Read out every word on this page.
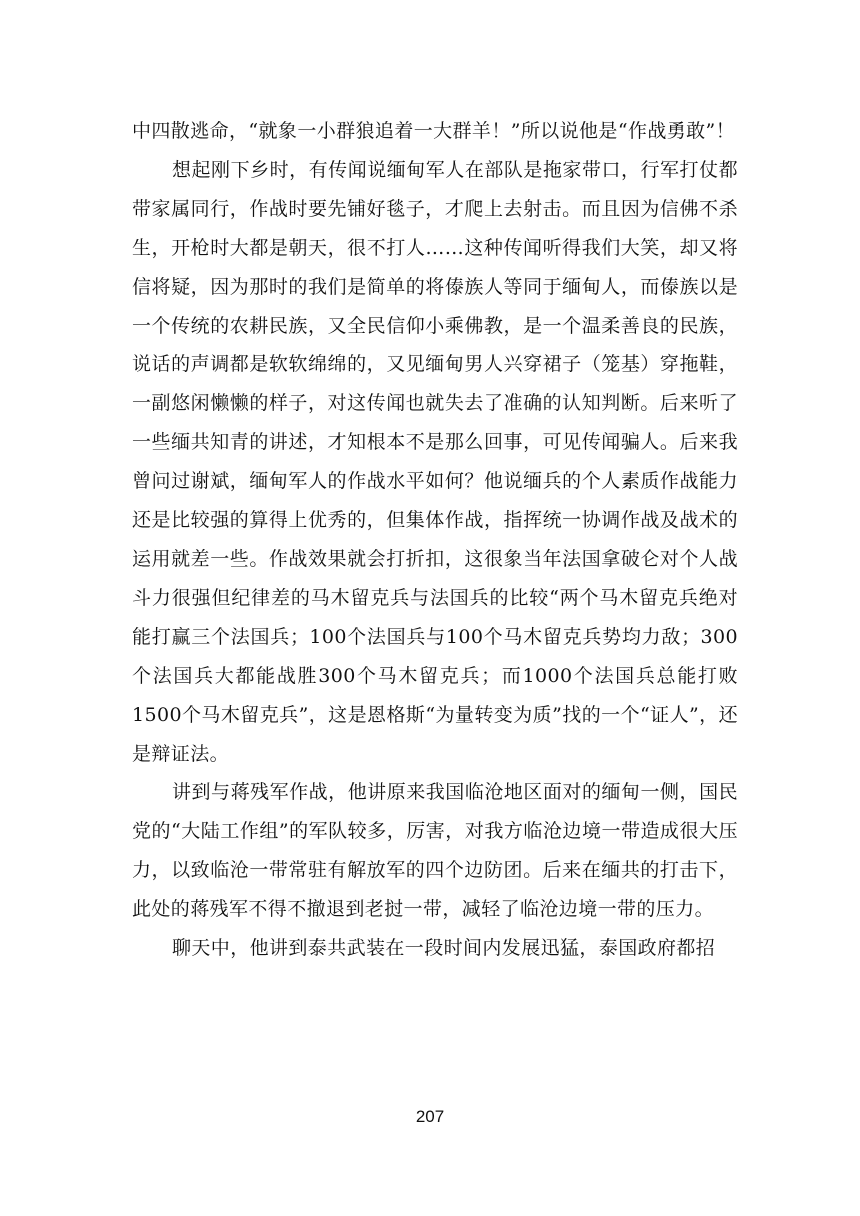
中四散逃命，“就象一小群狼追着一大群羊！”所以说他是“作战勇敢”！

想起刚下乡时，有传闻说缅甸军人在部队是拖家带口，行军打仗都带家属同行，作战时要先铺好毯子，才爬上去射击。而且因为信佛不杀生，开枪时大都是朝天，很不打人……这种传闻听得我们大笑，却又将信将疑，因为那时的我们是简单的将傣族人等同于缅甸人，而傣族以是一个传统的农耕民族，又全民信仰小乘佛教，是一个温柔善良的民族，说话的声调都是软软绵绵的，又见缅甸男人兴穿裙子（笼基）穿拖鞋，一副悠闲懒懒的样子，对这传闻也就失去了准确的认知判断。后来听了一些缅共知青的讲述，才知根本不是那么回事，可见传闻骗人。后来我曾问过谢斌，缅甸军人的作战水平如何？他说缅兵的个人素质作战能力还是比较强的算得上优秀的，但集体作战，指挥统一协调作战及战术的运用就差一些。作战效果就会打折扣，这很象当年法国拿破仑对个人战斗力很强但纪律差的马木留克兵与法国兵的比较“两个马木留克兵绝对能打赢三个法国兵；100个法国兵与100个马木留克兵势均力敌；300个法国兵大都能战胜300个马木留克兵；而1000个法国兵总能打败1500个马木留克兵”，这是恩格斯“为量转变为质”找的一个“证人”，还是辩证法。

讲到与蒋残军作战，他讲原来我国临沧地区面对的缅甸一侧，国民党的“大陆工作组”的军队较多，厉害，对我方临沧边境一带造成很大压力，以致临沧一带常驻有解放军的四个边防团。后来在缅共的打击下，此处的蒋残军不得不撤退到老挝一带，减轻了临沧边境一带的压力。

聊天中，他讲到泰共武装在一段时间内发展迅猛，泰国政府都招

207
